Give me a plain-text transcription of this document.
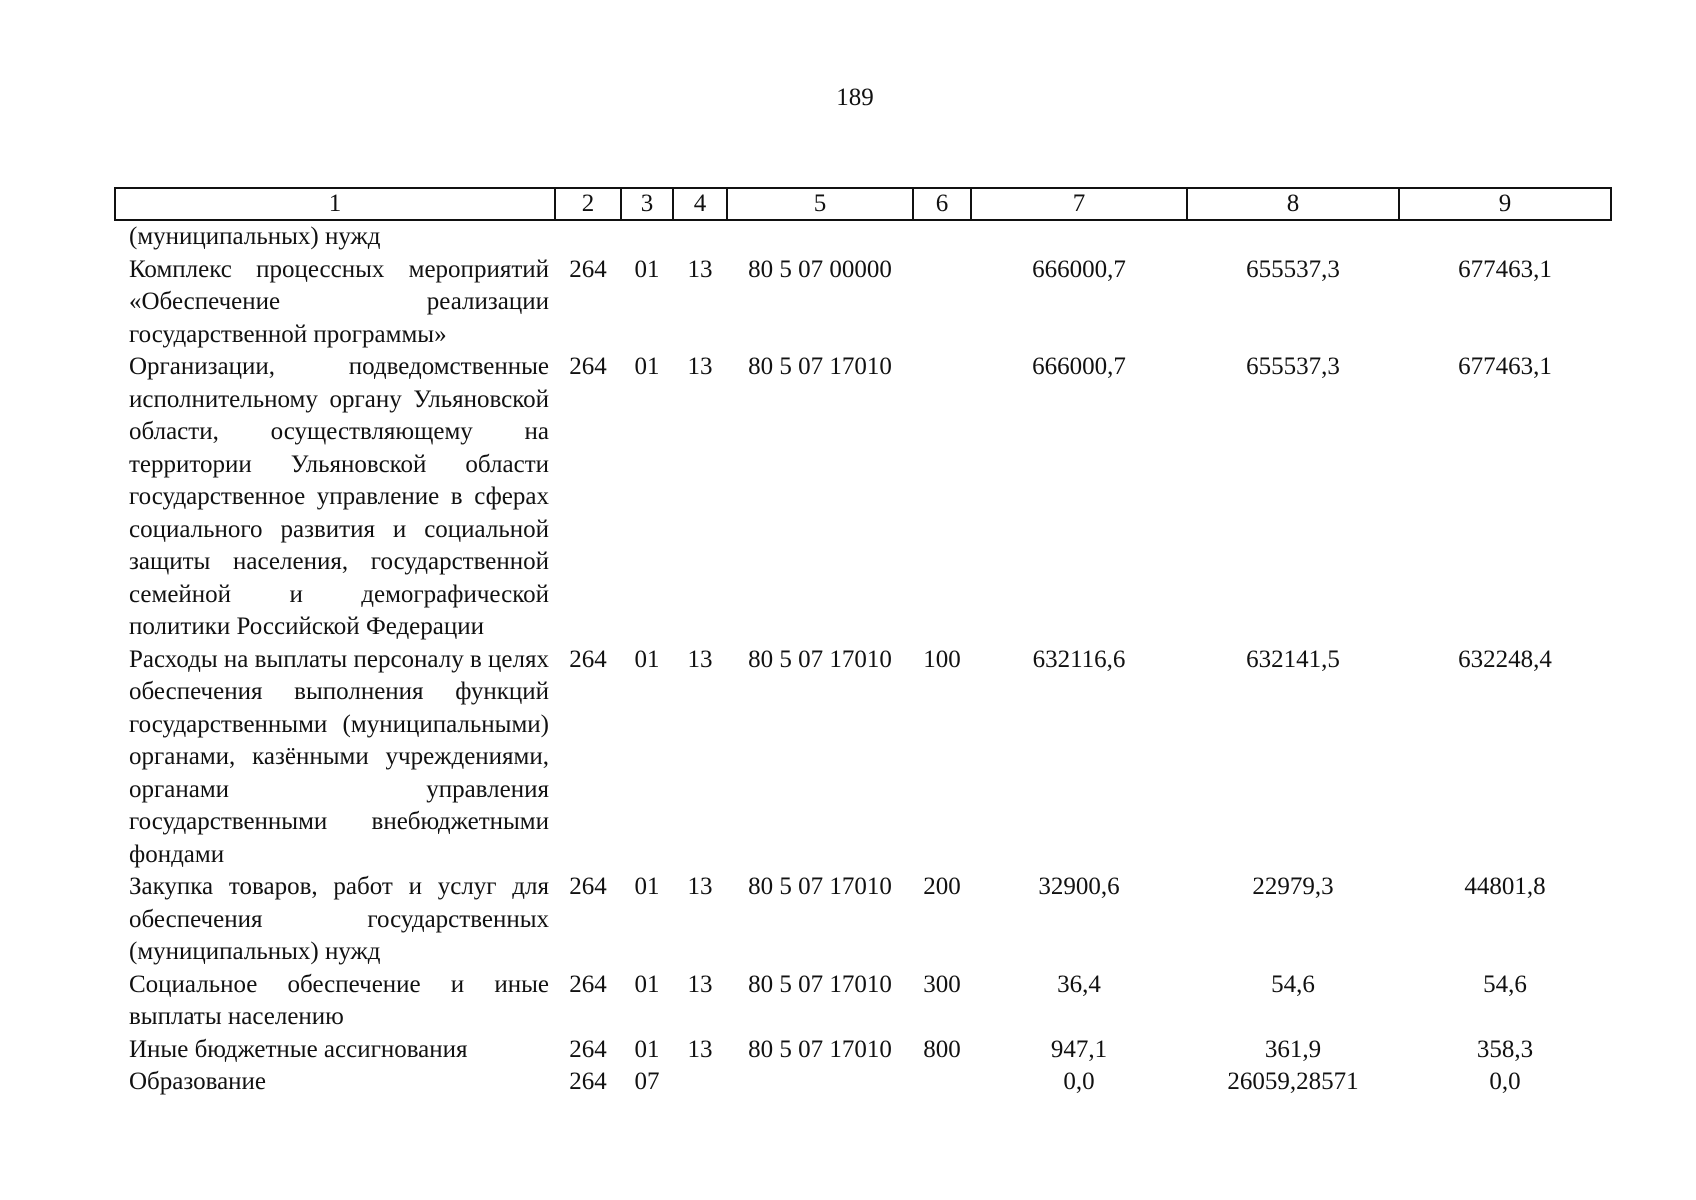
189
1	2	3	4	5	6	7	8	9
(муниципальных) нужд								
Комплекс процессных мероприятий «Обеспечение реализации государственной программы»	264	01	13	80 5 07 00000		666000,7	655537,3	677463,1
Организации, подведомственные исполнительному органу Ульяновской области, осуществляющему на территории Ульяновской области государственное управление в сферах социального развития и социальной защиты населения, государственной семейной и демографической политики Российской Федерации	264	01	13	80 5 07 17010		666000,7	655537,3	677463,1
Расходы на выплаты персоналу в целях обеспечения выполнения функций государственными (муниципальными) органами, казёнными учреждениями, органами управления государственными внебюджетными фондами	264	01	13	80 5 07 17010	100	632116,6	632141,5	632248,4
Закупка товаров, работ и услуг для обеспечения государственных (муниципальных) нужд	264	01	13	80 5 07 17010	200	32900,6	22979,3	44801,8
Социальное обеспечение и иные выплаты населению	264	01	13	80 5 07 17010	300	36,4	54,6	54,6
Иные бюджетные ассигнования	264	01	13	80 5 07 17010	800	947,1	361,9	358,3
Образование	264	07				0,0	26059,28571	0,0
